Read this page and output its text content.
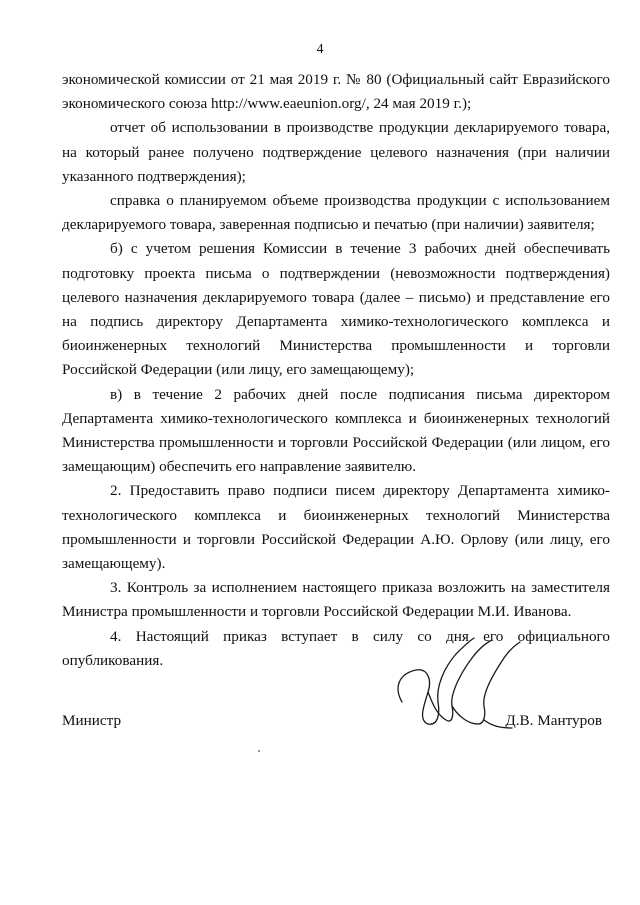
4

экономической комиссии от 21 мая 2019 г. № 80 (Официальный сайт Евразийского экономического союза http://www.eaeunion.org/, 24 мая 2019 г.);

отчет об использовании в производстве продукции декларируемого товара, на который ранее получено подтверждение целевого назначения (при наличии указанного подтверждения);

справка о планируемом объеме производства продукции с использованием декларируемого товара, заверенная подписью и печатью (при наличии) заявителя;

б) с учетом решения Комиссии в течение 3 рабочих дней обеспечивать подготовку проекта письма о подтверждении (невозможности подтверждения) целевого назначения декларируемого товара (далее – письмо) и представление его на подпись директору Департамента химико-технологического комплекса и биоинженерных технологий Министерства промышленности и торговли Российской Федерации (или лицу, его замещающему);

в) в течение 2 рабочих дней после подписания письма директором Департамента химико-технологического комплекса и биоинженерных технологий Министерства промышленности и торговли Российской Федерации (или лицом, его замещающим) обеспечить его направление заявителю.

2. Предоставить право подписи писем директору Департамента химико-технологического комплекса и биоинженерных технологий Министерства промышленности и торговли Российской Федерации А.Ю. Орлову (или лицу, его замещающему).

3. Контроль за исполнением настоящего приказа возложить на заместителя Министра промышленности и торговли Российской Федерации М.И. Иванова.

4. Настоящий приказ вступает в силу со дня его официального опубликования.

Министр	Д.В. Мантуров
